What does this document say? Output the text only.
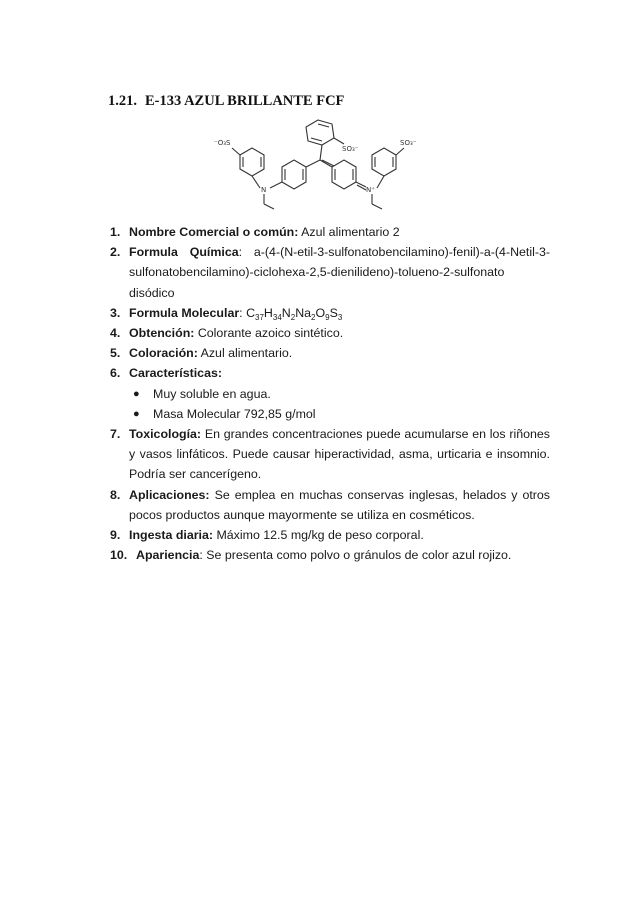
1.21. E-133 AZUL BRILLANTE FCF
⁻O₃S
SO₃⁻
SO₃⁻
N	N⁺
1. Nombre Comercial o común: Azul alimentario 2
2. Formula Química: a-(4-(N-etil-3-sulfonatobencilamino)-fenil)-a-(4-Netil-3-sulfonatobencilamino)-ciclohexa-2,5-dienilideno)-tolueno-2-sulfonato disódico
3. Formula Molecular: $C_{37}H_{34}N_2Na_2O_9S_3$
4. Obtención: Colorante azoico sintético.
5. Coloración: Azul alimentario.
6. Características:
● Muy soluble en agua.
● Masa Molecular 792,85 g/mol
7. Toxicología: En grandes concentraciones puede acumularse en los riñones y vasos linfáticos. Puede causar hiperactividad, asma, urticaria e insomnio. Podría ser cancerígeno.
8. Aplicaciones: Se emplea en muchas conservas inglesas, helados y otros pocos productos aunque mayormente se utiliza en cosméticos.
9. Ingesta diaria: Máximo 12.5 mg/kg de peso corporal.
10. Apariencia: Se presenta como polvo o gránulos de color azul rojizo.
